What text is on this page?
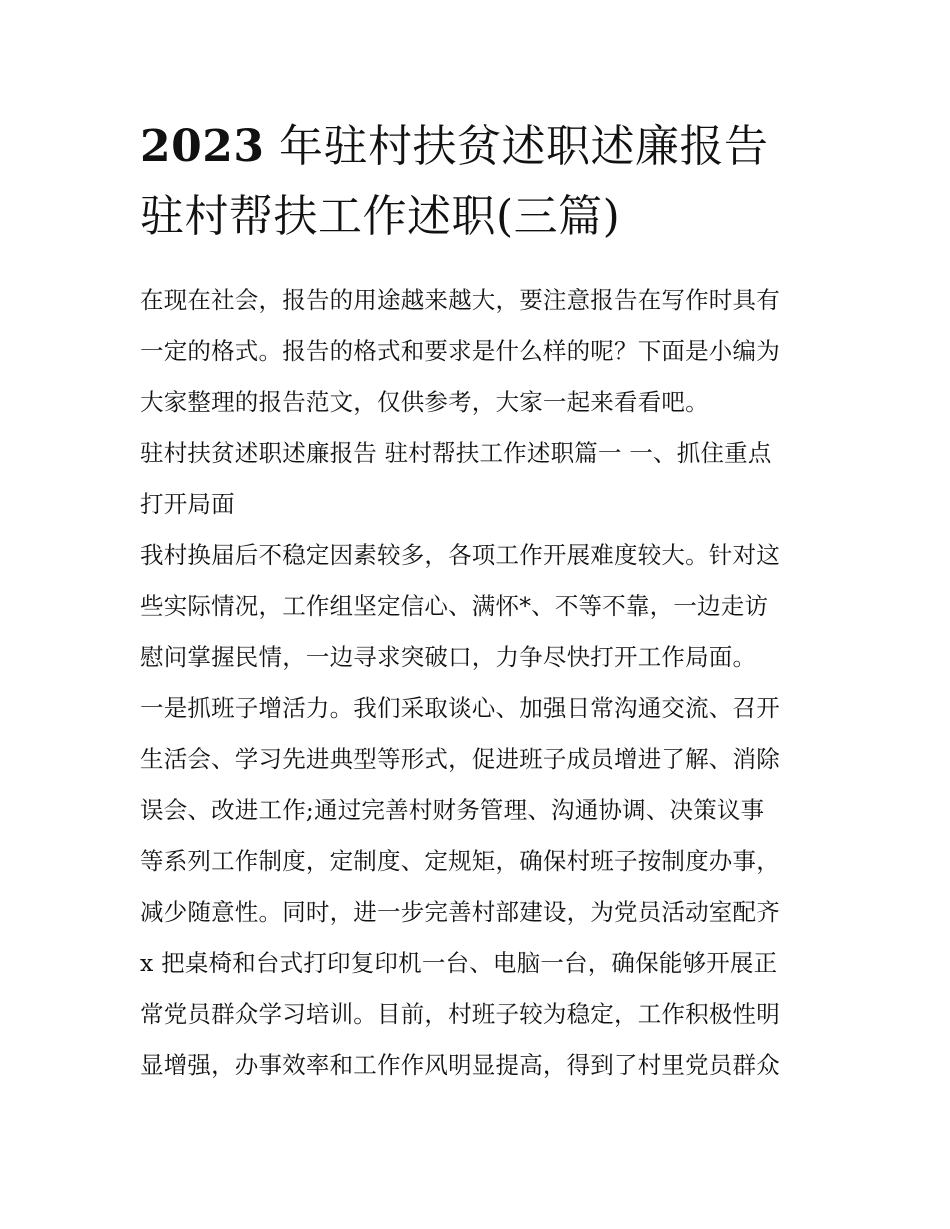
2023 年驻村扶贫述职述廉报告
驻村帮扶工作述职(三篇)
在现在社会，报告的用途越来越大，要注意报告在写作时具有
一定的格式。报告的格式和要求是什么样的呢？下面是小编为
大家整理的报告范文，仅供参考，大家一起来看看吧。
驻村扶贫述职述廉报告 驻村帮扶工作述职篇一 一、抓住重点
打开局面
我村换届后不稳定因素较多，各项工作开展难度较大。针对这
些实际情况，工作组坚定信心、满怀*、不等不靠，一边走访
慰问掌握民情，一边寻求突破口，力争尽快打开工作局面。
一是抓班子增活力。我们采取谈心、加强日常沟通交流、召开
生活会、学习先进典型等形式，促进班子成员增进了解、消除
误会、改进工作;通过完善村财务管理、沟通协调、决策议事
等系列工作制度，定制度、定规矩，确保村班子按制度办事，
减少随意性。同时，进一步完善村部建设，为党员活动室配齐
x 把桌椅和台式打印复印机一台、电脑一台，确保能够开展正
常党员群众学习培训。目前，村班子较为稳定，工作积极性明
显增强，办事效率和工作作风明显提高，得到了村里党员群众
